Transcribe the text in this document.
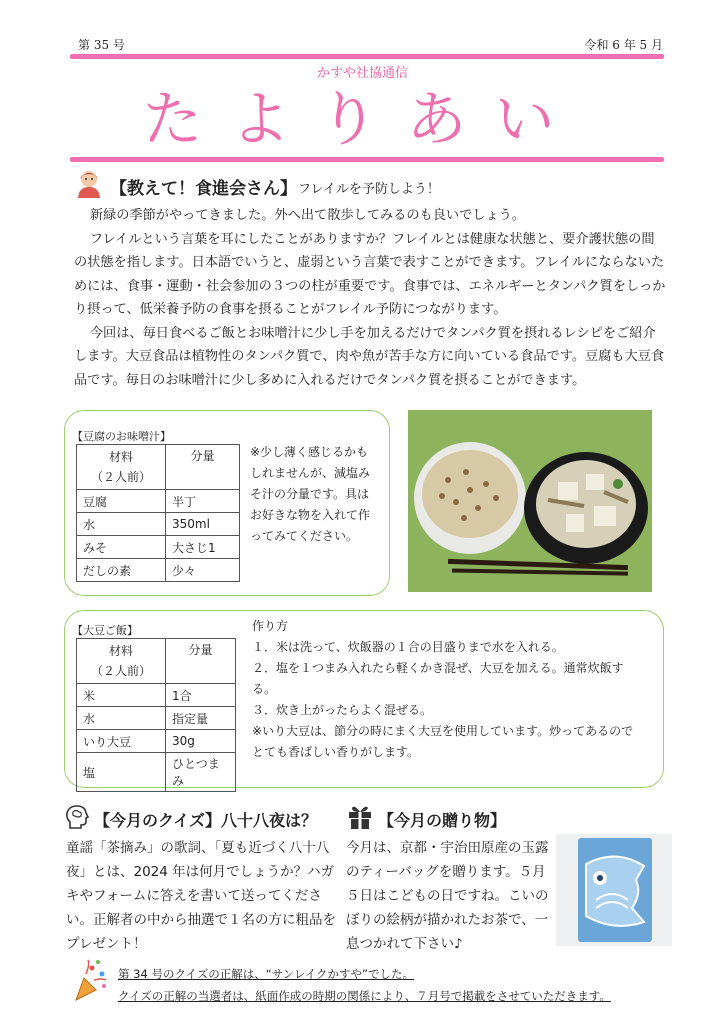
第 35 号	令和 6 年 5 月
かすや社協通信
たよりあい
【教えて！食進会さん】 フレイルを予防しよう！

新緑の季節がやってきました。外へ出て散歩してみるのも良いでしょう。

フレイルという言葉を耳にしたことがありますか？フレイルとは健康な状態と、要介護状態の間の状態を指します。日本語でいうと、虚弱という言葉で表すことができます。フレイルにならないためには、食事・運動・社会参加の３つの柱が重要です。食事では、エネルギーとタンパク質をしっかり摂って、低栄養予防の食事を摂ることがフレイル予防につながります。

今回は、毎日食べるご飯とお味噌汁に少し手を加えるだけでタンパク質を摂れるレシピをご紹介します。大豆食品は植物性のタンパク質で、肉や魚が苦手な方に向いている食品です。豆腐も大豆食品です。毎日のお味噌汁に少し多めに入れるだけでタンパク質を摂ることができます。

【豆腐のお味噌汁】
材料
（２人前）	分量
豆腐	半丁
水	350ml
みそ	大さじ1
だしの素	少々
※少し薄く感じるかもしれませんが、減塩みそ汁の分量です。具はお好きな物を入れて作ってみてください。
【大豆ご飯】
材料
（２人前）	分量
米	1合
水	指定量
いり大豆	30g
塩	ひとつまみ
作り方
１．米は洗って、炊飯器の１合の目盛りまで水を入れる。
２．塩を１つまみ入れたら軽くかき混ぜ、大豆を加える。通常炊飯する。
３．炊き上がったらよく混ぜる。
※いり大豆は、節分の時にまく大豆を使用しています。炒ってあるのでとても香ばしい香りがします。
【今月のクイズ】八十八夜は？
童謡「茶摘み」の歌詞、「夏も近づく八十八夜」とは、2024 年は何月でしょうか？ハガキやフォームに答えを書いて送ってください。正解者の中から抽選で１名の方に粗品をプレゼント！
【今月の贈り物】
今月は、京都・宇治田原産の玉露のティーバッグを贈ります。５月５日はこどもの日ですね。こいのぼりの絵柄が描かれたお茶で、一息つかれて下さい♪
第 34 号のクイズの正解は、“サンレイクかすや”でした。
クイズの正解の当選者は、紙面作成の時期の関係により、７月号で掲載をさせていただきます。
